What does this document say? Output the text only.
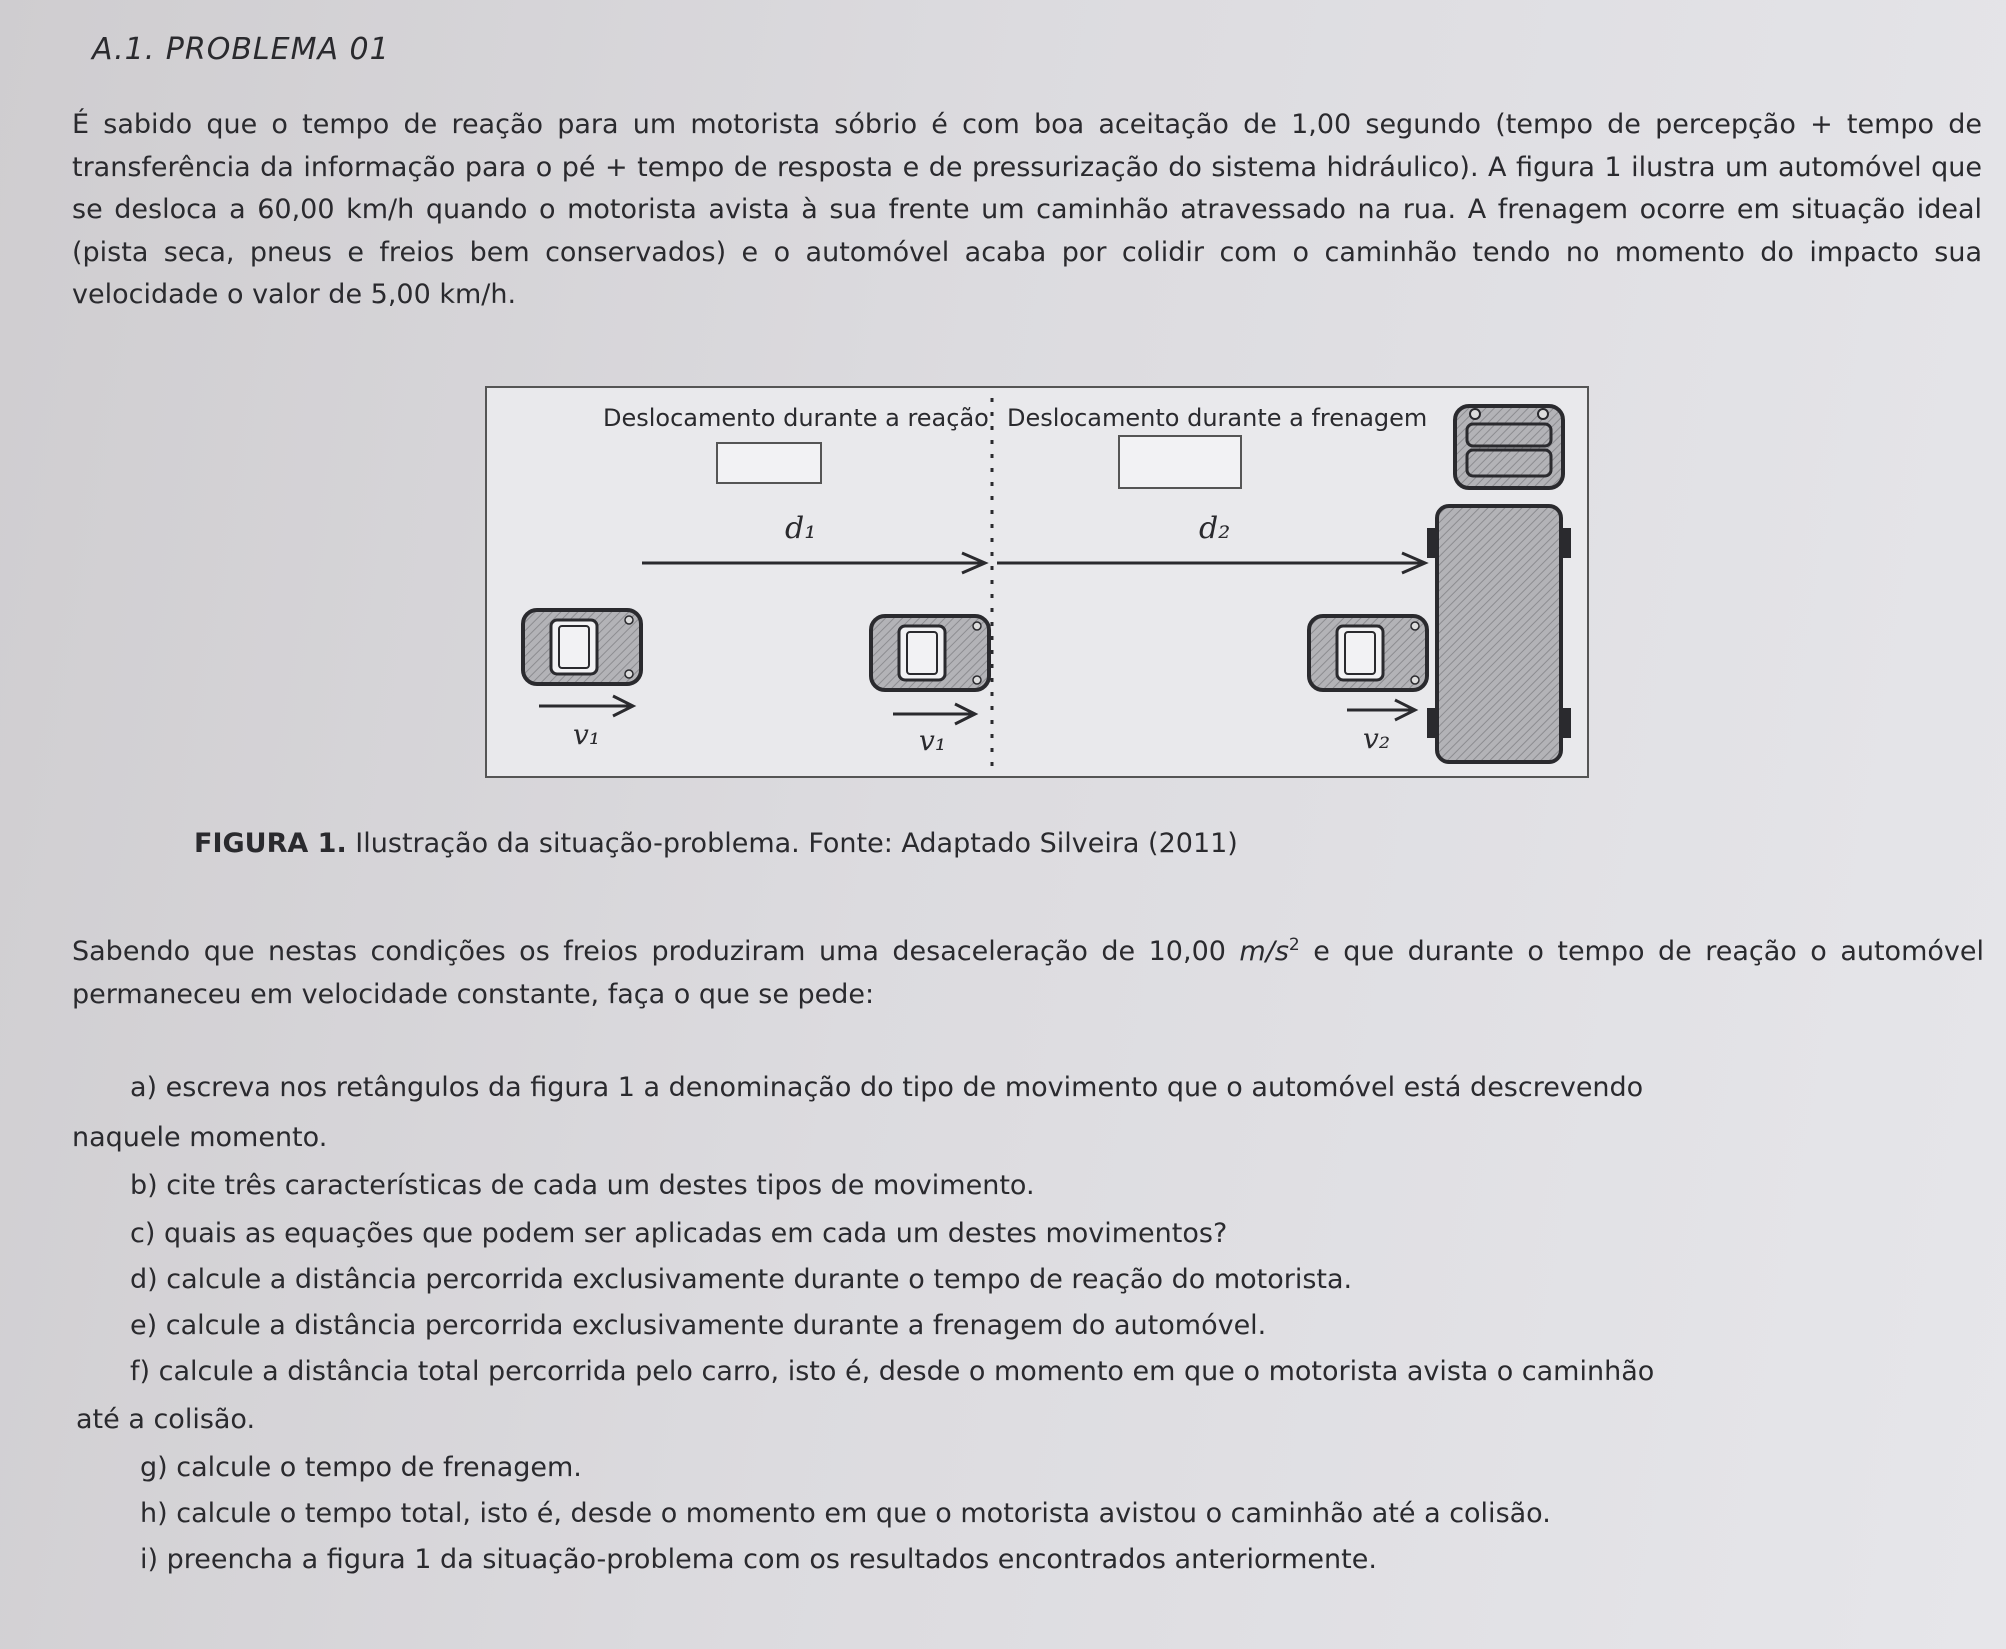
A.1. PROBLEMA 01

É sabido que o tempo de reação para um motorista sóbrio é com boa aceitação de 1,00 segundo (tempo de percepção + tempo de transferência da informação para o pé + tempo de resposta e de pressurização do sistema hidráulico). A figura 1 ilustra um automóvel que se desloca a 60,00 km/h quando o motorista avista à sua frente um caminhão atravessado na rua. A frenagem ocorre em situação ideal (pista seca, pneus e freios bem conservados) e o automóvel acaba por colidir com o caminhão tendo no momento do impacto sua velocidade o valor de 5,00 km/h.

Deslocamento durante a reação Deslocamento durante a frenagem
d₁	d₂
v₁	v₁	v₂

FIGURA 1. Ilustração da situação-problema. Fonte: Adaptado Silveira (2011)

Sabendo que nestas condições os freios produziram uma desaceleração de 10,00 $m/s^2$ e que durante o tempo de reação o automóvel permaneceu em velocidade constante, faça o que se pede:

a) escreva nos retângulos da figura 1 a denominação do tipo de movimento que o automóvel está descrevendo

naquele momento.

b) cite três características de cada um destes tipos de movimento.

c) quais as equações que podem ser aplicadas em cada um destes movimentos?

d) calcule a distância percorrida exclusivamente durante o tempo de reação do motorista.

e) calcule a distância percorrida exclusivamente durante a frenagem do automóvel.

f) calcule a distância total percorrida pelo carro, isto é, desde o momento em que o motorista avista o caminhão

até a colisão.

g) calcule o tempo de frenagem.

h) calcule o tempo total, isto é, desde o momento em que o motorista avistou o caminhão até a colisão.

i) preencha a figura 1 da situação-problema com os resultados encontrados anteriormente.
